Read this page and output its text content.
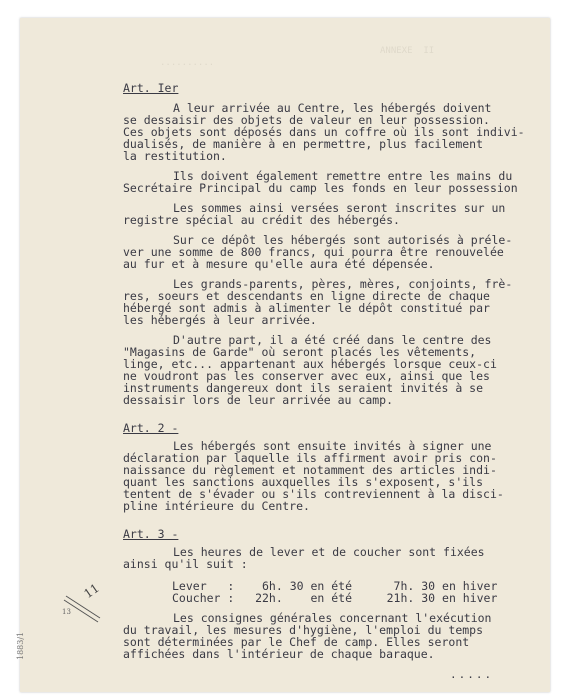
ANNEXE  II
..........
Art. Ier
A leur arrivée au Centre, les hébergés doivent
se dessaisir des objets de valeur en leur possession.
Ces objets sont déposés dans un coffre où ils sont indivi-
dualisés, de manière à en permettre, plus facilement
la restitution.
Ils doivent également remettre entre les mains du
Secrétaire Principal du camp les fonds en leur possession
Les sommes ainsi versées seront inscrites sur un
registre spécial au crédit des hébergés.
Sur ce dépôt les hébergés sont autorisés à préle-
ver une somme de 800 francs, qui pourra être renouvelée
au fur et à mesure qu'elle aura été dépensée.
Les grands-parents, pères, mères, conjoints, frè-
res, soeurs et descendants en ligne directe de chaque
hébergé sont admis à alimenter le dépôt constitué par
les hébergés à leur arrivée.
D'autre part, il a été créé dans le centre des
"Magasins de Garde" où seront placés les vêtements,
linge, etc... appartenant aux hébergés lorsque ceux-ci
ne voudront pas les conserver avec eux, ainsi que les
instruments dangereux dont ils seraient invités à se
dessaisir lors de leur arrivée au camp.
Art. 2 -
Les hébergés sont ensuite invités à signer une
déclaration par laquelle ils affirment avoir pris con-
naissance du règlement et notamment des articles indi-
quant les sanctions auxquelles ils s'exposent, s'ils
tentent de s'évader ou s'ils contreviennent à la disci-
pline intérieure du Centre.
Art. 3 -
Les heures de lever et de coucher sont fixées
ainsi qu'il suit :
Lever   :    6h. 30 en été      7h. 30 en hiver
Coucher :   22h.    en été     21h. 30 en hiver
Les consignes générales concernant l'exécution
du travail, les mesures d'hygiène, l'emploi du temps
sont déterminées par le Chef de camp. Elles seront
affichées dans l'intérieur de chaque baraque.
.....
11
13
1883/1
